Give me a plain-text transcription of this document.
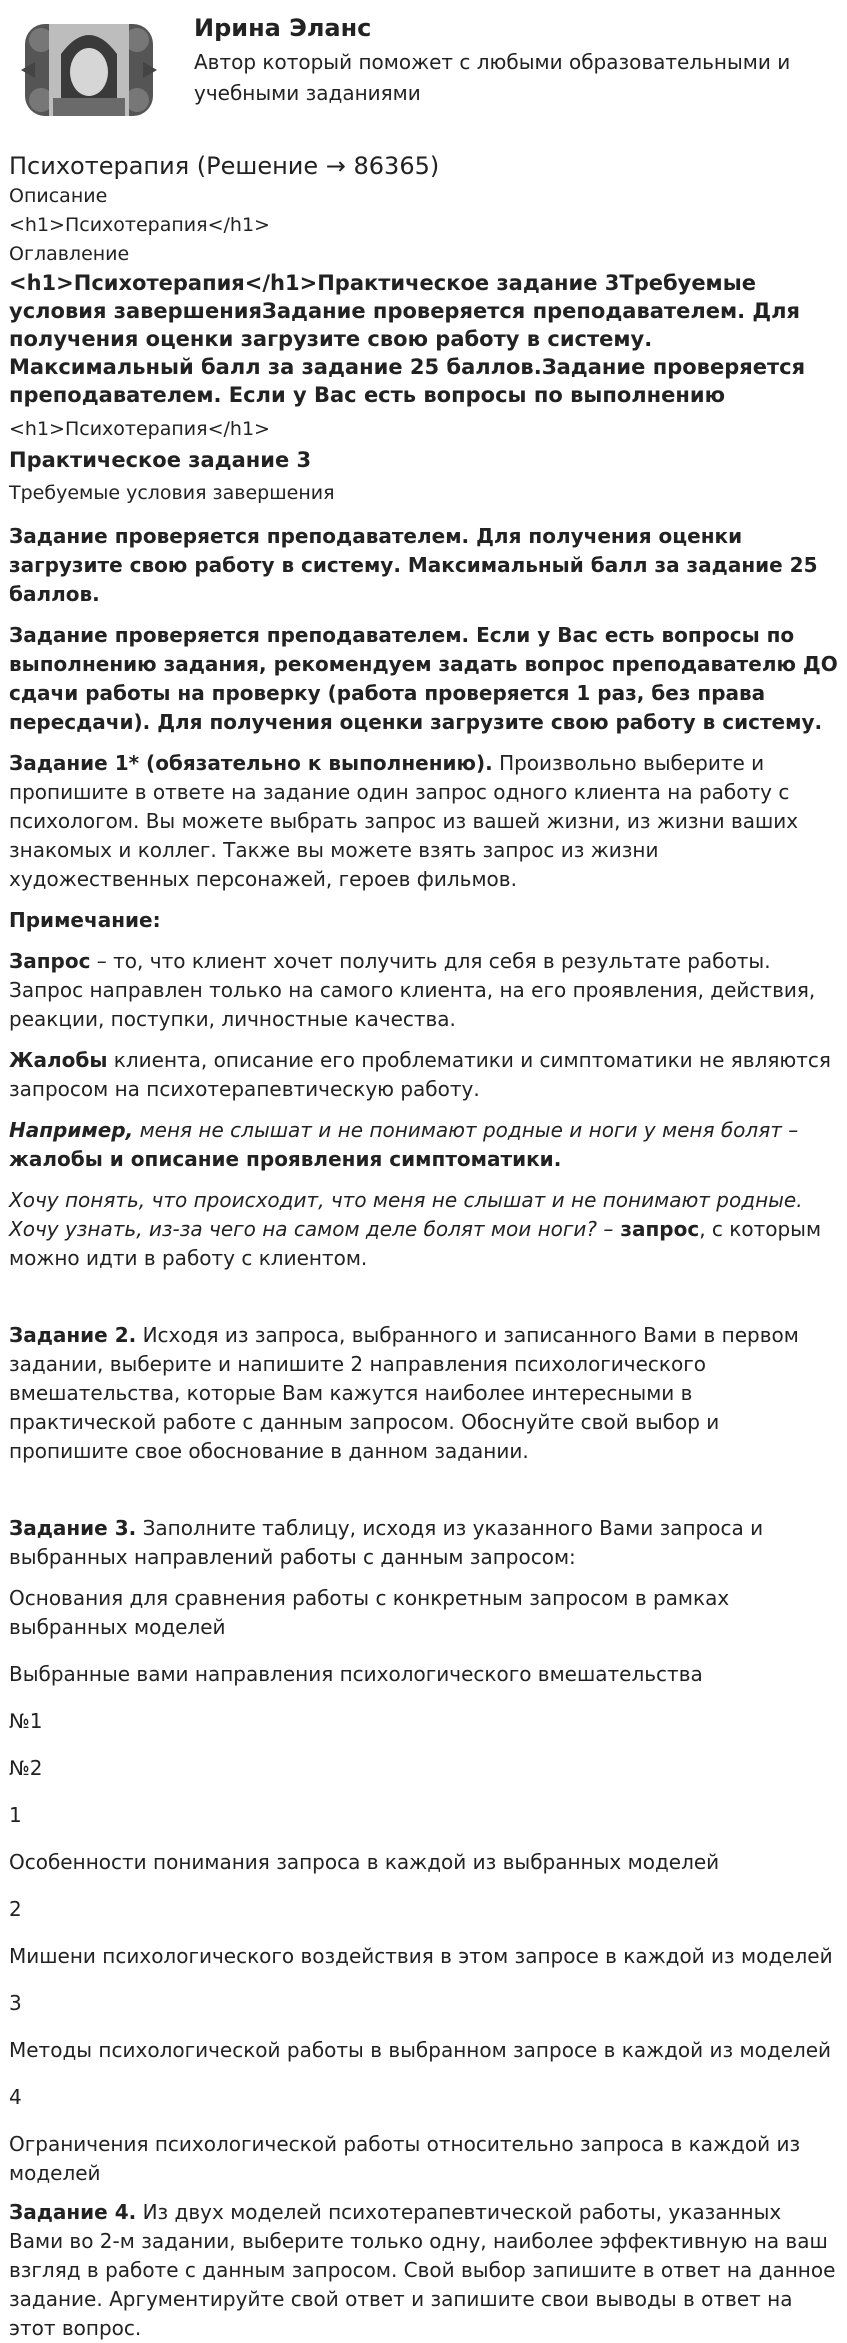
Ирина Эланс
Автор который поможет с любыми образовательными и учебными заданиями
Психотерапия (Решение → 86365)
Описание
<h1>Психотерапия</h1>
Оглавление
<h1>Психотерапия</h1>Практическое задание 3Требуемые условия завершенияЗадание проверяется преподавателем. Для получения оценки загрузите свою работу в систему. Максимальный балл за задание 25 баллов.Задание проверяется преподавателем. Если у Вас есть вопросы по выполнению
<h1>Психотерапия</h1>
Практическое задание 3
Требуемые условия завершения

Задание проверяется преподавателем. Для получения оценки загрузите свою работу в систему. Максимальный балл за задание 25 баллов.

Задание проверяется преподавателем. Если у Вас есть вопросы по выполнению задания, рекомендуем задать вопрос преподавателю ДО сдачи работы на проверку (работа проверяется 1 раз, без права пересдачи). Для получения оценки загрузите свою работу в систему.

Задание 1* (обязательно к выполнению). Произвольно выберите и пропишите в ответе на задание один запрос одного клиента на работу с психологом. Вы можете выбрать запрос из вашей жизни, из жизни ваших знакомых и коллег. Также вы можете взять запрос из жизни художественных персонажей, героев фильмов.

Примечание:

Запрос – то, что клиент хочет получить для себя в результате работы. Запрос направлен только на самого клиента, на его проявления, действия, реакции, поступки, личностные качества.

Жалобы клиента, описание его проблематики и симптоматики не являются запросом на психотерапевтическую работу.

Например, меня не слышат и не понимают родные и ноги у меня болят –
жалобы и описание проявления симптоматики.

Хочу понять, что происходит, что меня не слышат и не понимают родные. Хочу узнать, из-за чего на самом деле болят мои ноги? – запрос, с которым можно идти в работу с клиентом.

Задание 2. Исходя из запроса, выбранного и записанного Вами в первом задании, выберите и напишите 2 направления психологического вмешательства, которые Вам кажутся наиболее интересными в практической работе с данным запросом. Обоснуйте свой выбор и пропишите свое обоснование в данном задании.

Задание 3. Заполните таблицу, исходя из указанного Вами запроса и выбранных направлений работы с данным запросом:

Основания для сравнения работы с конкретным запросом в рамках выбранных моделей
Выбранные вами направления психологического вмешательства
№1
№2
1
Особенности понимания запроса в каждой из выбранных моделей
2
Мишени психологического воздействия в этом запросе в каждой из моделей
3
Методы психологической работы в выбранном запросе в каждой из моделей
4
Ограничения психологической работы относительно запроса в каждой из моделей

Задание 4. Из двух моделей психотерапевтической работы, указанных Вами во 2-м задании, выберите только одну, наиболее эффективную на ваш взгляд в работе с данным запросом. Свой выбор запишите в ответ на данное задание. Аргументируйте свой ответ и запишите свои выводы в ответ на этот вопрос.
